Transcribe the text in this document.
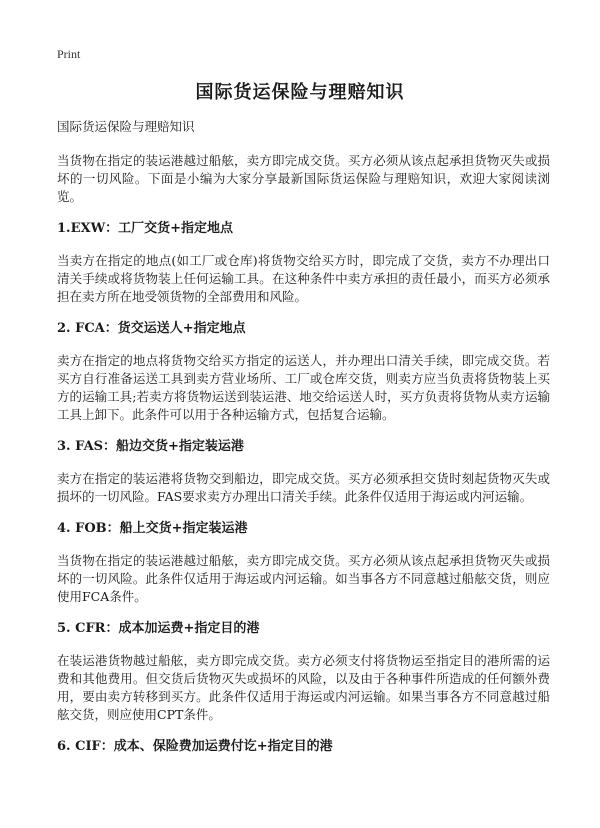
Print
国际货运保险与理赔知识
国际货运保险与理赔知识

当货物在指定的装运港越过船舷，卖方即完成交货。买方必须从该点起承担货物灭失或损坏的一切风险。下面是小编为大家分享最新国际货运保险与理赔知识，欢迎大家阅读浏览。

1.EXW：工厂交货+指定地点

当卖方在指定的地点(如工厂或仓库)将货物交给买方时，即完成了交货，卖方不办理出口清关手续或将货物装上任何运输工具。在这种条件中卖方承担的责任最小，而买方必须承担在卖方所在地受领货物的全部费用和风险。

2. FCA：货交运送人+指定地点

卖方在指定的地点将货物交给买方指定的运送人，并办理出口清关手续，即完成交货。若买方自行准备运送工具到卖方营业场所、工厂或仓库交货，则卖方应当负责将货物装上买方的运输工具;若卖方将货物运送到装运港、地交给运送人时，买方负责将货物从卖方运输工具上卸下。此条件可以用于各种运输方式，包括复合运输。

3. FAS：船边交货+指定装运港

卖方在指定的装运港将货物交到船边，即完成交货。买方必须承担交货时刻起货物灭失或损坏的一切风险。FAS要求卖方办理出口清关手续。此条件仅适用于海运或内河运输。

4. FOB：船上交货+指定装运港

当货物在指定的装运港越过船舷，卖方即完成交货。买方必须从该点起承担货物灭失或损坏的一切风险。此条件仅适用于海运或内河运输。如当事各方不同意越过船舷交货，则应使用FCA条件。

5. CFR：成本加运费+指定目的港

在装运港货物越过船舷，卖方即完成交货。卖方必须支付将货物运至指定目的港所需的运费和其他费用。但交货后货物灭失或损坏的风险，以及由于各种事件所造成的任何额外费用，要由卖方转移到买方。此条件仅适用于海运或内河运输。如果当事各方不同意越过船舷交货，则应使用CPT条件。

6. CIF：成本、保险费加运费付讫+指定目的港
